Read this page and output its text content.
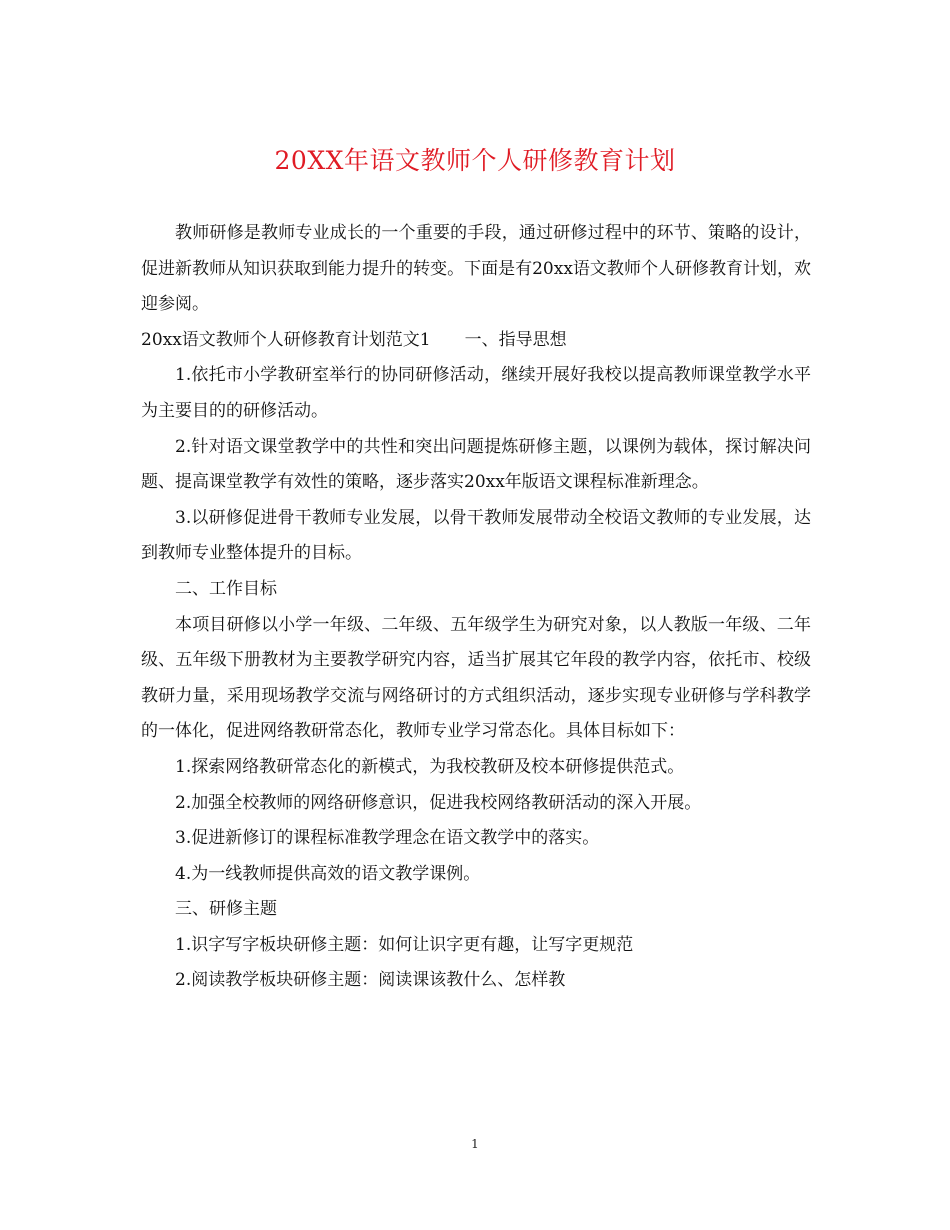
20XX年语文教师个人研修教育计划

教师研修是教师专业成长的一个重要的手段，通过研修过程中的环节、策略的设计，促进新教师从知识获取到能力提升的转变。下面是有20xx语文教师个人研修教育计划，欢迎参阅。

20xx语文教师个人研修教育计划范文1　　一、指导思想

1.依托市小学教研室举行的协同研修活动，继续开展好我校以提高教师课堂教学水平为主要目的的研修活动。

2.针对语文课堂教学中的共性和突出问题提炼研修主题，以课例为载体，探讨解决问题、提高课堂教学有效性的策略，逐步落实20xx年版语文课程标准新理念。

3.以研修促进骨干教师专业发展，以骨干教师发展带动全校语文教师的专业发展，达到教师专业整体提升的目标。

二、工作目标

本项目研修以小学一年级、二年级、五年级学生为研究对象，以人教版一年级、二年级、五年级下册教材为主要教学研究内容，适当扩展其它年段的教学内容，依托市、校级教研力量，采用现场教学交流与网络研讨的方式组织活动，逐步实现专业研修与学科教学的一体化，促进网络教研常态化，教师专业学习常态化。具体目标如下：

1.探索网络教研常态化的新模式，为我校教研及校本研修提供范式。

2.加强全校教师的网络研修意识，促进我校网络教研活动的深入开展。

3.促进新修订的课程标准教学理念在语文教学中的落实。

4.为一线教师提供高效的语文教学课例。

三、研修主题

1.识字写字板块研修主题：如何让识字更有趣，让写字更规范

2.阅读教学板块研修主题：阅读课该教什么、怎样教

1
